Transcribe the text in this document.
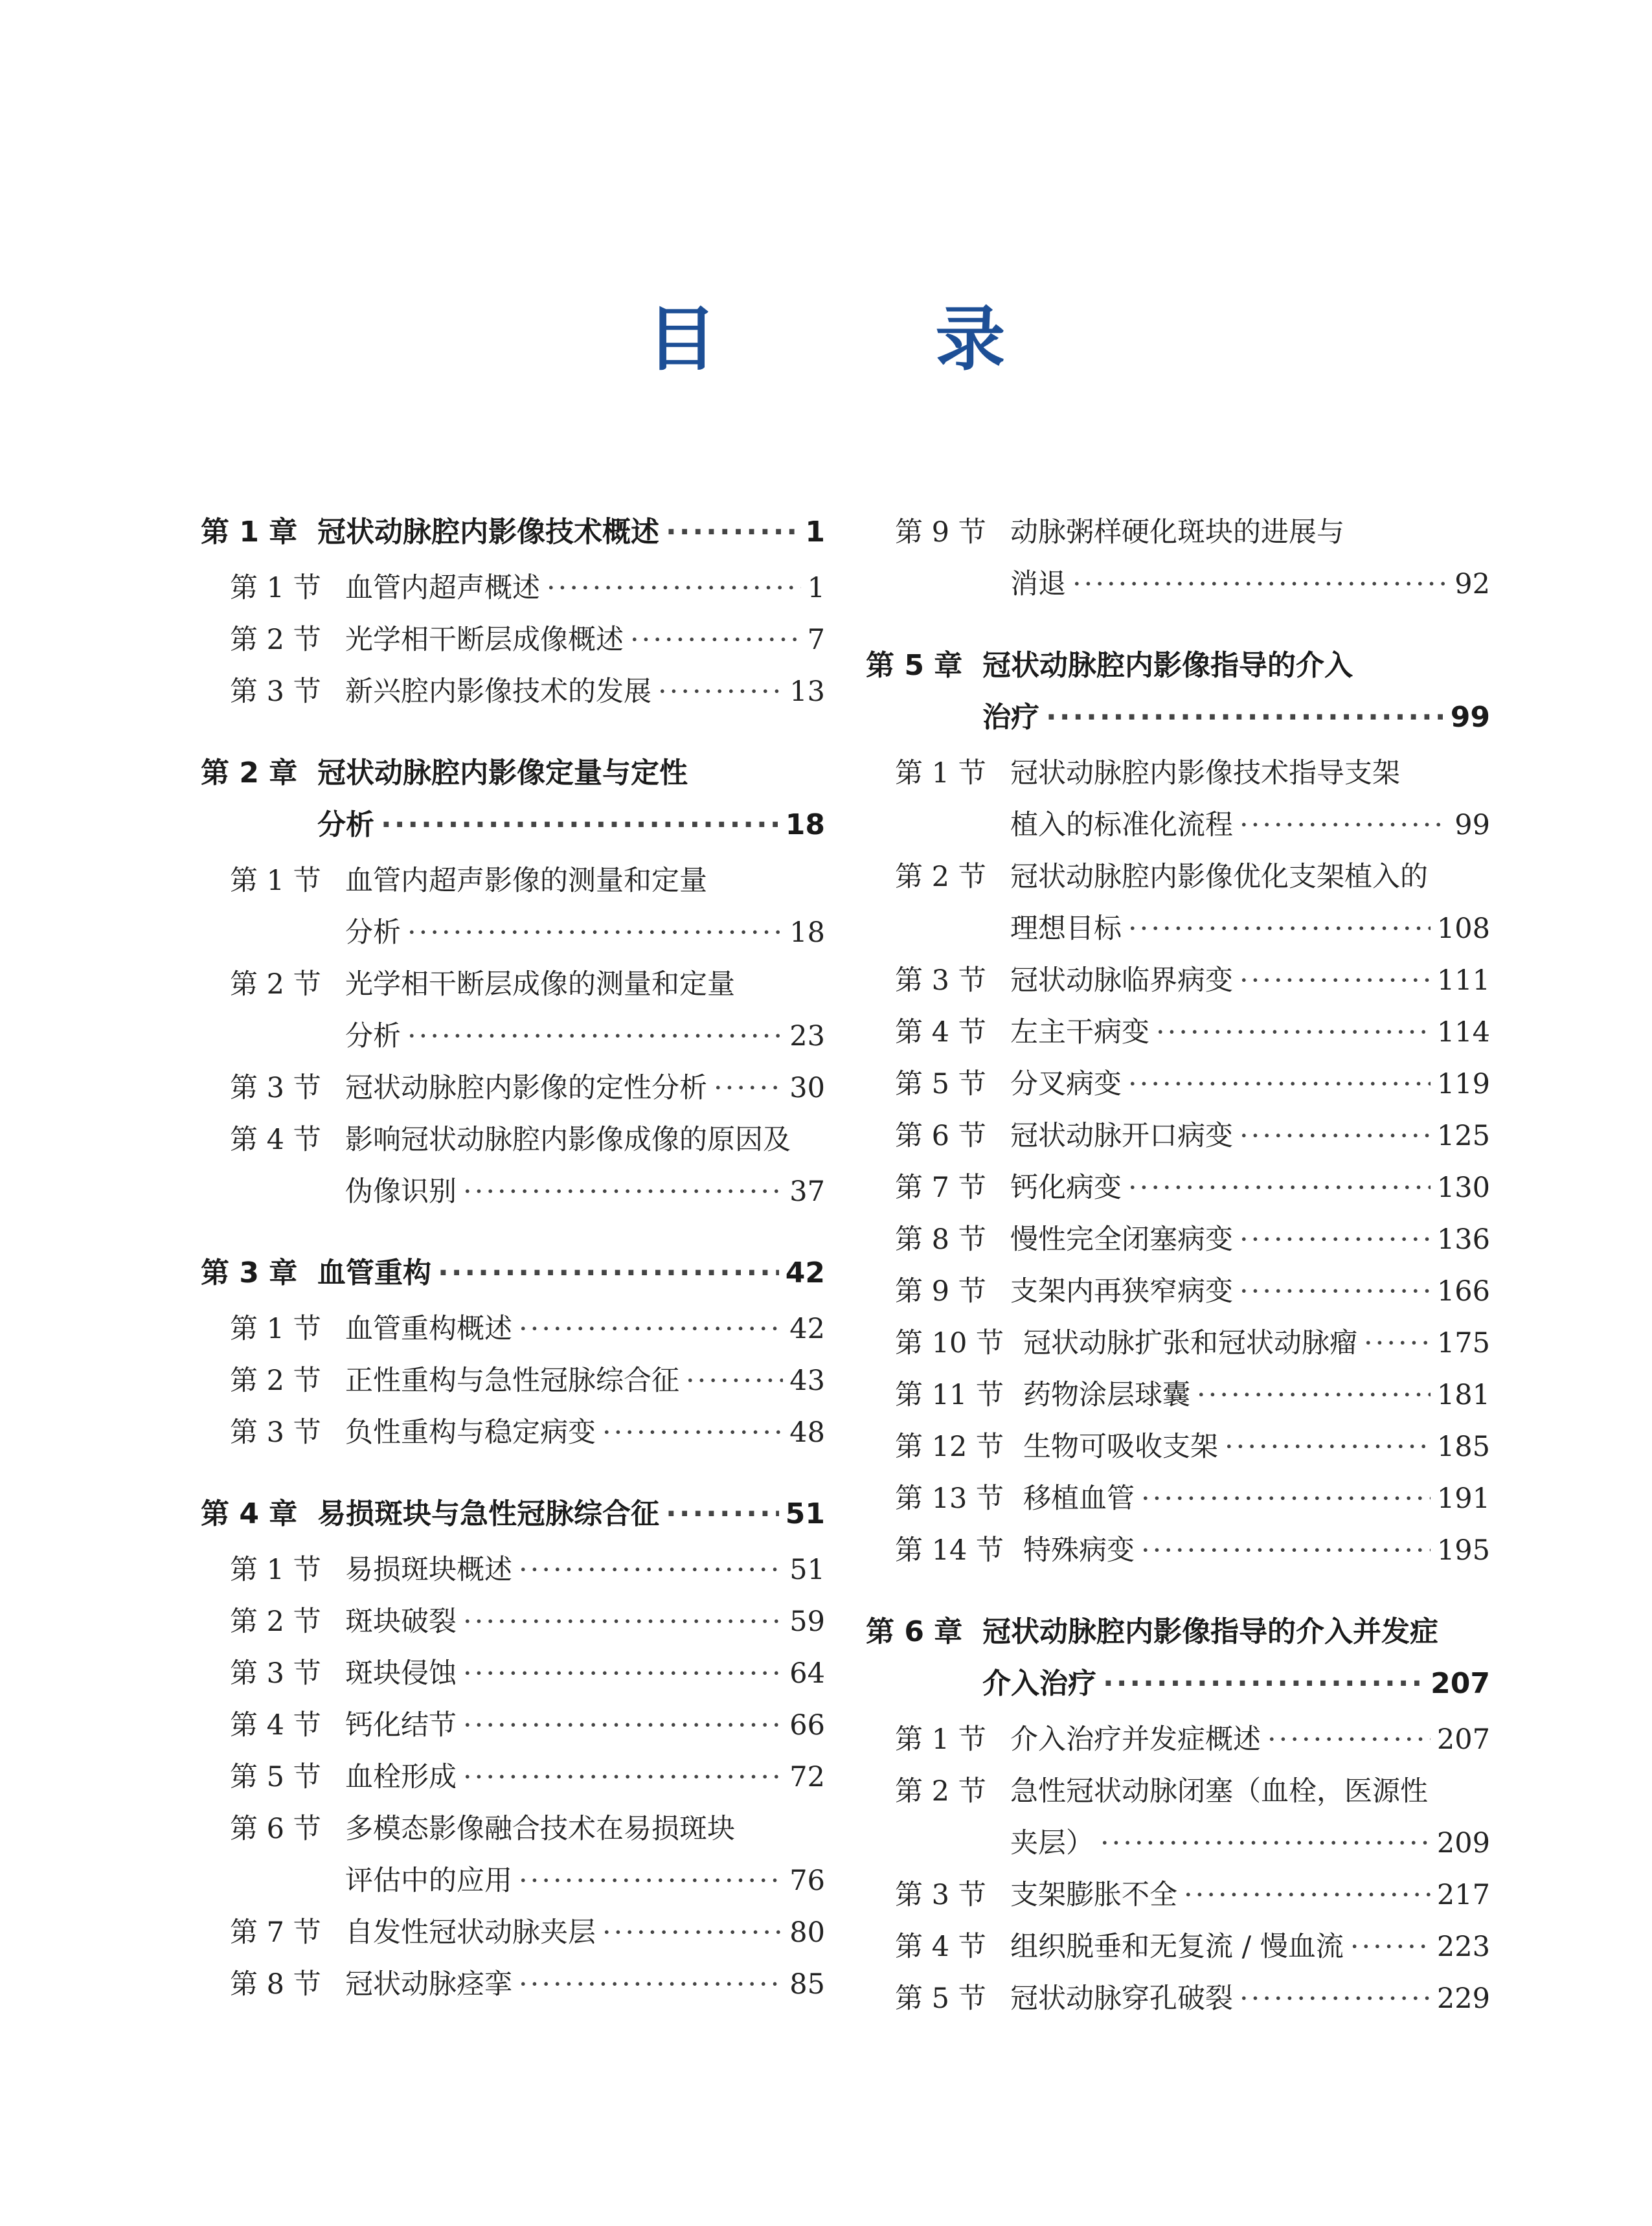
目 录
第 1 章 冠状动脉腔内影像技术概述 ·····	1
第 1 节 血管内超声概述 ·····	1
第 2 节 光学相干断层成像概述 ·····	7
第 3 节 新兴腔内影像技术的发展 ·····	13
第 2 章 冠状动脉腔内影像定量与定性
分析 ·····	18
第 1 节 血管内超声影像的测量和定量
分析 ·····	18
第 2 节 光学相干断层成像的测量和定量
分析 ·····	23
第 3 节 冠状动脉腔内影像的定性分析 ·····	30
第 4 节 影响冠状动脉腔内影像成像的原因及
伪像识别 ·····	37
第 3 章 血管重构 ·····	42
第 1 节 血管重构概述 ·····	42
第 2 节 正性重构与急性冠脉综合征 ·····	43
第 3 节 负性重构与稳定病变 ·····	48
第 4 章 易损斑块与急性冠脉综合征 ·····	51
第 1 节 易损斑块概述 ·····	51
第 2 节 斑块破裂 ·····	59
第 3 节 斑块侵蚀 ·····	64
第 4 节 钙化结节 ·····	66
第 5 节 血栓形成 ·····	72
第 6 节 多模态影像融合技术在易损斑块
评估中的应用 ·····	76
第 7 节 自发性冠状动脉夹层 ·····	80
第 8 节 冠状动脉痉挛 ·····	85
第 9 节 动脉粥样硬化斑块的进展与
消退 ·····	92
第 5 章 冠状动脉腔内影像指导的介入
治疗 ·····	99
第 1 节 冠状动脉腔内影像技术指导支架
植入的标准化流程 ·····	99
第 2 节 冠状动脉腔内影像优化支架植入的
理想目标 ·····	108
第 3 节 冠状动脉临界病变 ·····	111
第 4 节 左主干病变 ·····	114
第 5 节 分叉病变 ·····	119
第 6 节 冠状动脉开口病变 ·····	125
第 7 节 钙化病变 ·····	130
第 8 节 慢性完全闭塞病变 ·····	136
第 9 节 支架内再狭窄病变 ·····	166
第 10 节 冠状动脉扩张和冠状动脉瘤 ·····	175
第 11 节 药物涂层球囊 ·····	181
第 12 节 生物可吸收支架 ·····	185
第 13 节 移植血管 ·····	191
第 14 节 特殊病变 ·····	195
第 6 章 冠状动脉腔内影像指导的介入并发症
介入治疗 ·····	207
第 1 节 介入治疗并发症概述 ·····	207
第 2 节 急性冠状动脉闭塞（血栓，医源性
夹层） ·····	209
第 3 节 支架膨胀不全 ·····	217
第 4 节 组织脱垂和无复流 / 慢血流 ·····	223
第 5 节 冠状动脉穿孔破裂 ·····	229
